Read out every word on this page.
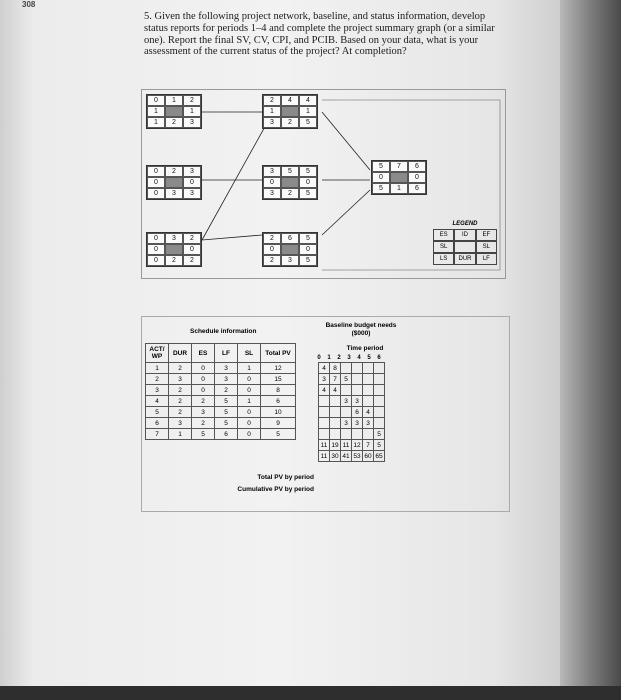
308
5. Given the following project network, baseline, and status information, develop status reports for periods 1–4 and complete the project summary graph (or a similar one). Report the final SV, CV, CPI, and PCIB. Based on your data, what is your assessment of the current status of the project? At completion?
0	1	2
1	1
1	2	3
0	2	3
0	0
0	3	3
0	3	2
0	0
0	2	2
2	4	4
1	1
3	2	5
3	5	5
0	0
3	2	5
2	6	5
0	0
2	3	5
5	7	6
0	0
5	1	6
LEGEND
ES	ID	EF
SL	SL
LS	DUR	LF
Schedule information
Baseline budget needs ($000)
ACT/ WP	DUR	ES	LF	SL	Total PV
1	2	0	3	1	12
2	3	0	3	0	15
3	2	0	2	0	8
4	2	2	5	1	6
5	2	3	5	0	10
6	3	2	5	0	9
7	1	5	6	0	5
Time period
0 1 2 3 4 5 6
4	8				
3	7	5			
4	4				
		3	3		
			6	4	
		3	3	3	
					5
11	19	11	12	7	5
11	30	41	53	60	65
Total PV by period
Cumulative PV by period
